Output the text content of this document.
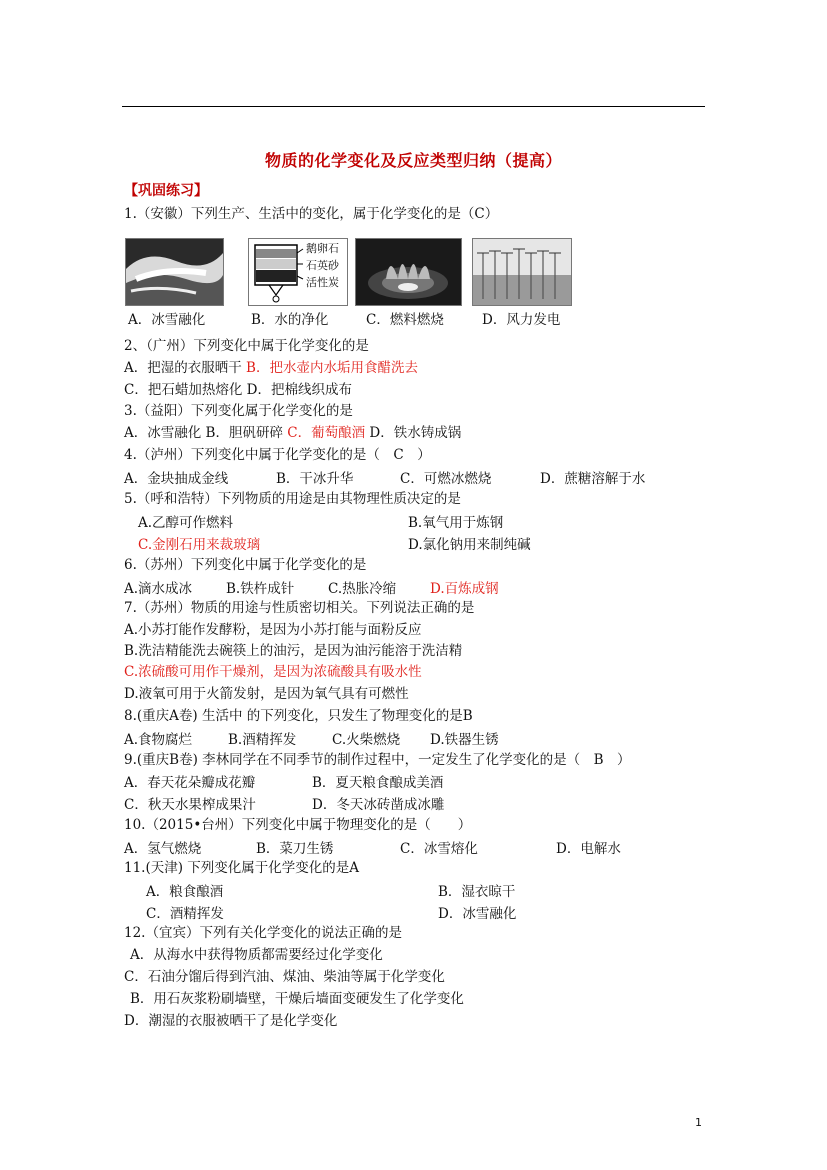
物质的化学变化及反应类型归纳（提高）
【巩固练习】
1.（安徽）下列生产、生活中的变化，属于化学变化的是（C）
鹅卵石
石英砂
活性炭
A．冰雪融化	B．水的净化	C．燃料燃烧	D．风力发电
2、（广州）下列变化中属于化学变化的是
A．把湿的衣服晒干 B．把水壶内水垢用食醋洗去
C．把石蜡加热熔化 D．把棉线织成布
3.（益阳）下列变化属于化学变化的是
A．冰雪融化 B．胆矾研碎 C．葡萄酿酒 D．铁水铸成锅
4.（泸州）下列变化中属于化学变化的是（　C　）
A．金块抽成金线	B．干冰升华	C．可燃冰燃烧	D．蔗糖溶解于水
5.（呼和浩特）下列物质的用途是由其物理性质决定的是
A.乙醇可作燃料	B.氧气用于炼钢
C.金刚石用来裁玻璃	D.氯化钠用来制纯碱
6.（苏州）下列变化中属于化学变化的是
A.滴水成冰	B.铁杵成针	C.热胀冷缩	D.百炼成钢
7.（苏州）物质的用途与性质密切相关。下列说法正确的是
A.小苏打能作发酵粉，是因为小苏打能与面粉反应
B.洗洁精能洗去碗筷上的油污，是因为油污能溶于洗洁精
C.浓硫酸可用作干燥剂，是因为浓硫酸具有吸水性
D.液氧可用于火箭发射，是因为氧气具有可燃性
8.(重庆A卷) 生活中 的下列变化，只发生了物理变化的是B
A.食物腐烂	B.酒精挥发	C.火柴燃烧 D.铁器生锈
9.(重庆B卷) 李林同学在不同季节的制作过程中，一定发生了化学变化的是（　B　）
A．春天花朵瓣成花瓣	B．夏天粮食酿成美酒
C．秋天水果榨成果汁	D．冬天冰砖凿成冰雕
10.（2015•台州）下列变化中属于物理变化的是（　　）
A．氢气燃烧	B．菜刀生锈	C．冰雪熔化	D．电解水
11.(天津) 下列变化属于化学变化的是A
A．粮食酿酒	B．湿衣晾干
C．酒精挥发	D．冰雪融化
12.（宜宾）下列有关化学变化的说法正确的是
A．从海水中获得物质都需要经过化学变化
C．石油分馏后得到汽油、煤油、柴油等属于化学变化
B．用石灰浆粉刷墙壁，干燥后墙面变硬发生了化学变化
D．潮湿的衣服被晒干了是化学变化
1
